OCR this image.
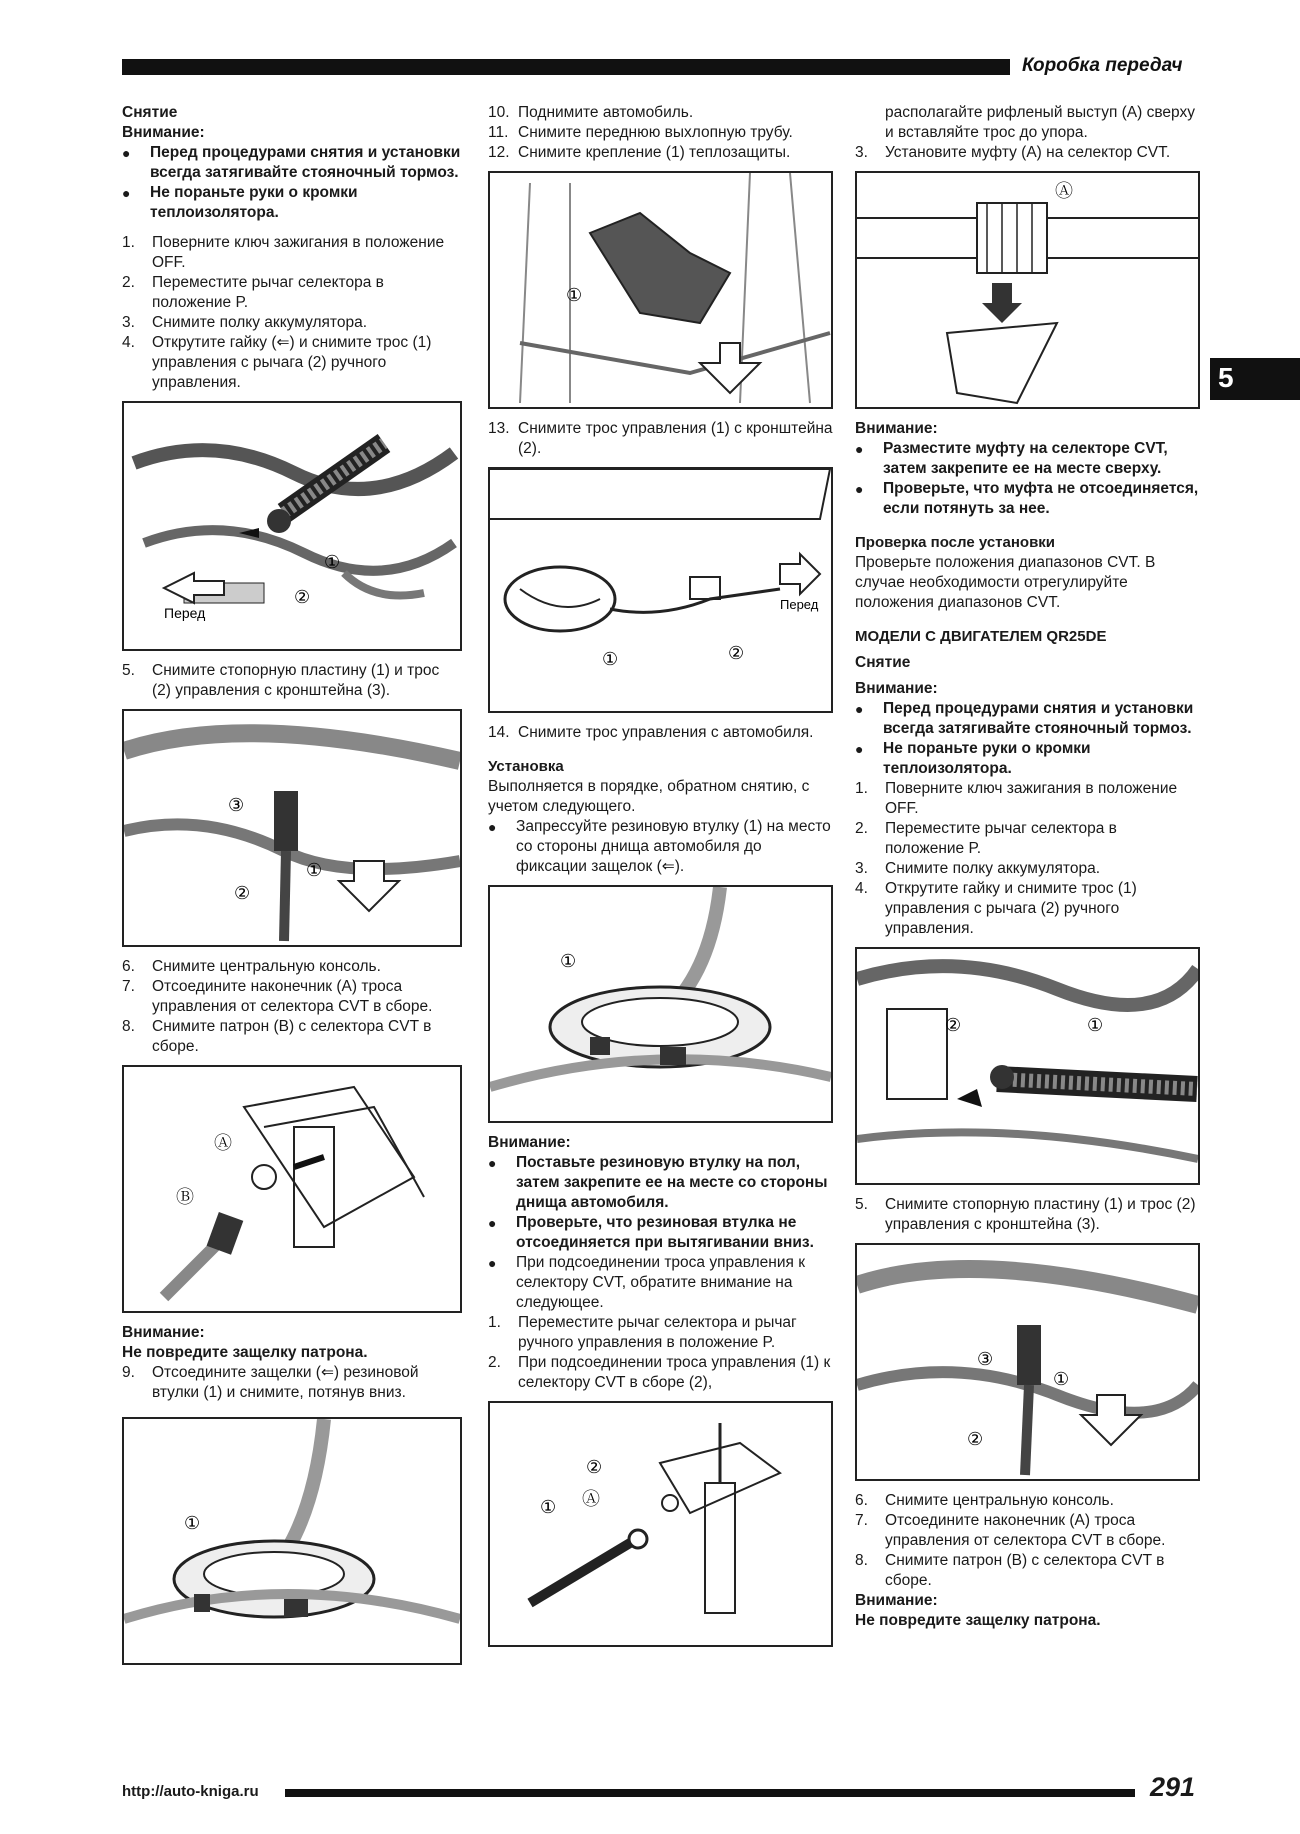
Коробка передач
5

Снятие

Внимание:

●	Перед процедурами снятия и установки всегда затягивайте стояночный тормоз.
●	Не пораньте руки о кромки теплоизолятора.
1.	Поверните ключ зажигания в положение OFF.
2.	Переместите рычаг селектора в положение P.
3.	Снимите полку аккумулятора.
4.	Открутите гайку (⇐) и снимите трос (1) управления с рычага (2) ручного управления.
Перед
①
②
5.	Снимите стопорную пластину (1) и трос (2) управления с кронштейна (3).
③
②
①
6.	Снимите центральную консоль.
7.	Отсоедините наконечник (A) троса управления от селектора CVT в сборе.
8.	Снимите патрон (B) с селектора CVT в сборе.
Ⓐ
Ⓑ

Внимание:

Не повредите защелку патрона.

9.	Отсоедините защелки (⇐) резиновой втулки (1) и снимите, потянув вниз.
①
10. Поднимите автомобиль.
11. Снимите переднюю выхлопную трубу.
12. Снимите крепление (1) теплозащиты.
①
13. Снимите трос управления (1) с кронштейна (2).
Перед
①	②
14. Снимите трос управления с автомобиля.

Установка

Выполняется в порядке, обратном снятию, с учетом следующего.

●	Запрессуйте резиновую втулку (1) на место со стороны днища автомобиля до фиксации защелок (⇐).
①

Внимание:

●	Поставьте резиновую втулку на пол, затем закрепите ее на месте со стороны днища автомобиля.
●	Проверьте, что резиновая втулка не отсоединяется при вытягивании вниз.
●	При подсоединении троса управления к селектору CVT, обратите внимание на следующее.
1.	Переместите рычаг селектора и рычаг ручного управления в положение P.
2.	При подсоединении троса управления (1) к селектору CVT в сборе (2),
②
① Ⓐ

располагайте рифленый выступ (A) сверху и вставляйте трос до упора.

3.	Установите муфту (A) на селектор CVT.
Ⓐ

Внимание:

●	Разместите муфту на селекторе CVT, затем закрепите ее на месте сверху.
●	Проверьте, что муфта не отсоединяется, если потянуть за нее.

Проверка после установки

Проверьте положения диапазонов CVT. В случае необходимости отрегулируйте положения диапазонов CVT.

МОДЕЛИ С ДВИГАТЕЛЕМ QR25DE

Снятие

Внимание:

●	Перед процедурами снятия и установки всегда затягивайте стояночный тормоз.
●	Не пораньте руки о кромки теплоизолятора.
1.	Поверните ключ зажигания в положение OFF.
2.	Переместите рычаг селектора в положение P.
3.	Снимите полку аккумулятора.
4.	Открутите гайку и снимите трос (1) управления с рычага (2) ручного управления.
②	①
5.	Снимите стопорную пластину (1) и трос (2) управления с кронштейна (3).
③
②
①
6.	Снимите центральную консоль.
7.	Отсоедините наконечник (A) троса управления от селектора CVT в сборе.
8.	Снимите патрон (B) с селектора CVT в сборе.

Внимание:

Не повредите защелку патрона.

http://auto-kniga.ru	291
